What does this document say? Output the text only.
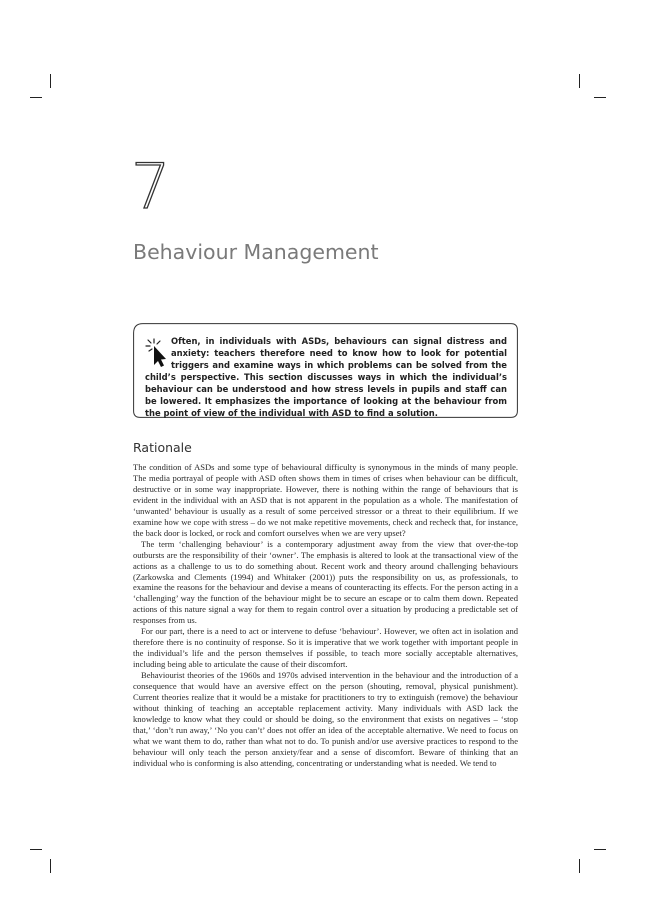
7
Behaviour Management
Often, in individuals with ASDs, behaviours can signal distress and anxiety: teachers therefore need to know how to look for potential triggers and examine ways in which problems can be solved from the child’s perspective. This section discusses ways in which the individual’s behaviour can be understood and how stress levels in pupils and staff can be lowered. It emphasizes the importance of looking at the behaviour from the point of view of the individual with ASD to find a solution.
Rationale

The condition of ASDs and some type of behavioural difficulty is synonymous in the minds of many people. The media portrayal of people with ASD often shows them in times of crises when behaviour can be difficult, destructive or in some way inappropriate. However, there is nothing within the range of behaviours that is evident in the individual with an ASD that is not apparent in the population as a whole. The manifestation of ‘unwanted’ behaviour is usually as a result of some perceived stressor or a threat to their equilibrium. If we examine how we cope with stress – do we not make repetitive movements, check and recheck that, for instance, the back door is locked, or rock and comfort ourselves when we are very upset?

The term ‘challenging behaviour’ is a contemporary adjustment away from the view that over-the-top outbursts are the responsibility of their ‘owner’. The emphasis is altered to look at the transactional view of the actions as a challenge to us to do something about. Recent work and theory around challenging behaviours (Zarkowska and Clements (1994) and Whitaker (2001)) puts the responsibility on us, as professionals, to examine the reasons for the behaviour and devise a means of counteracting its effects. For the person acting in a ‘challenging’ way the function of the behaviour might be to secure an escape or to calm them down. Repeated actions of this nature signal a way for them to regain control over a situation by producing a predictable set of responses from us.

For our part, there is a need to act or intervene to defuse ‘behaviour’. However, we often act in isolation and therefore there is no continuity of response. So it is imperative that we work together with important people in the individual’s life and the person themselves if possible, to teach more socially acceptable alternatives, including being able to articulate the cause of their discomfort.

Behaviourist theories of the 1960s and 1970s advised intervention in the behaviour and the introduction of a consequence that would have an aversive effect on the person (shouting, removal, physical punishment). Current theories realize that it would be a mistake for practitioners to try to extinguish (remove) the behaviour without thinking of teaching an acceptable replacement activity. Many individuals with ASD lack the knowledge to know what they could or should be doing, so the environment that exists on negatives – ‘stop that,’ ‘don’t run away,’ ‘No you can’t’ does not offer an idea of the acceptable alternative. We need to focus on what we want them to do, rather than what not to do. To punish and/or use aversive practices to respond to the behaviour will only teach the person anxiety/fear and a sense of discomfort. Beware of thinking that an individual who is conforming is also attending, concentrating or understanding what is needed. We tend to
